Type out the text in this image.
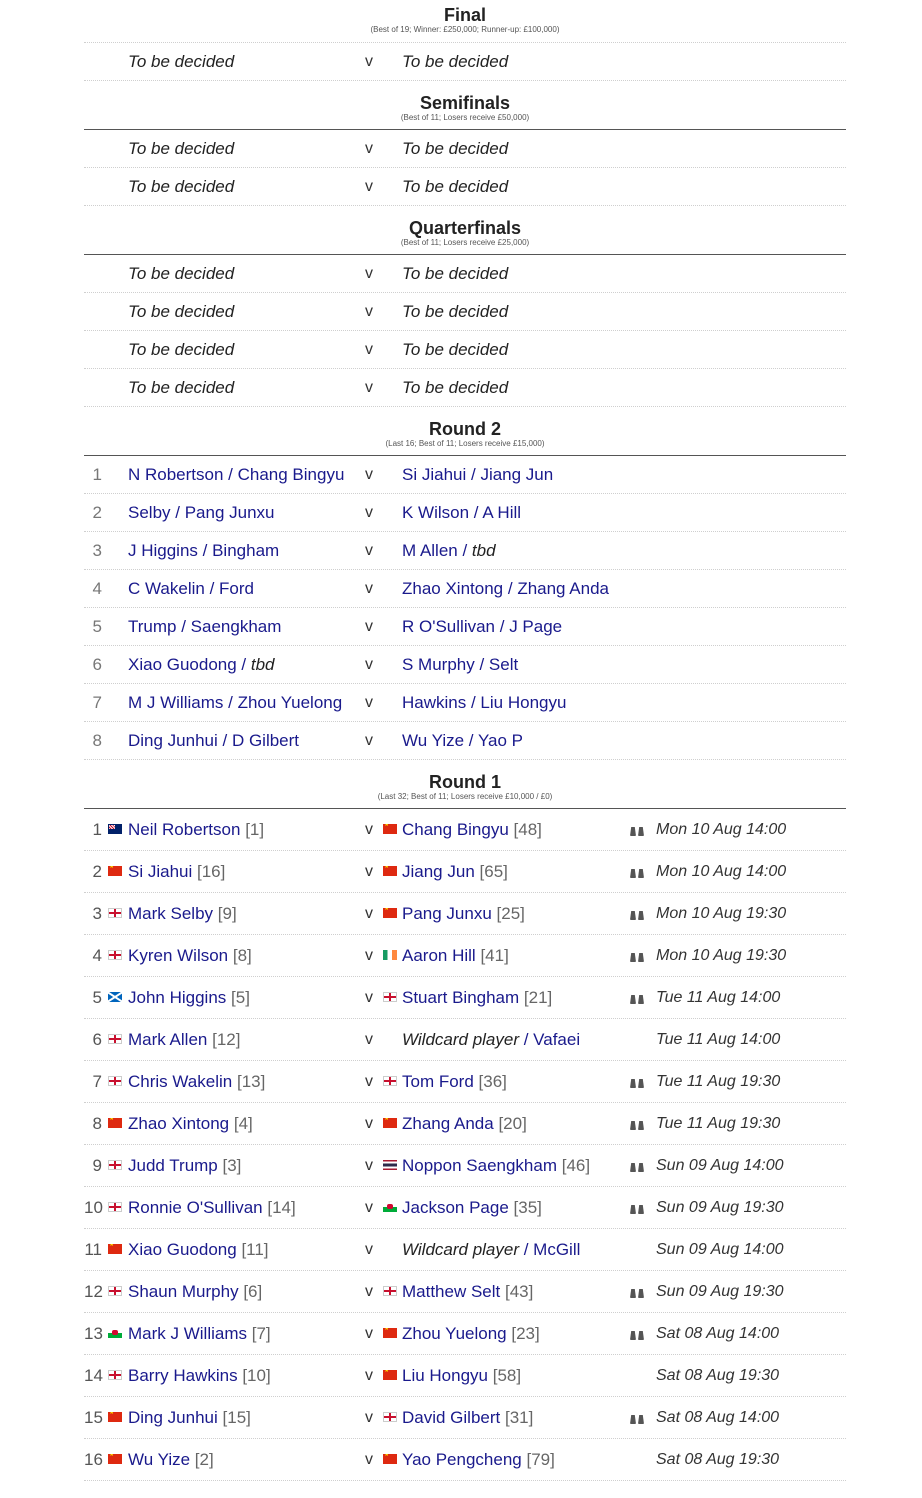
Final
(Best of 19; Winner: £250,000; Runner-up: £100,000)
To be decided	v To be decided
Semifinals
(Best of 11; Losers receive £50,000)
To be decided	v To be decided
To be decided	v To be decided
Quarterfinals
(Best of 11; Losers receive £25,000)
To be decided	v To be decided
To be decided	v To be decided
To be decided	v To be decided
To be decided	v To be decided
Round 2
(Last 16; Best of 11; Losers receive £15,000)
1 N Robertson / Chang Bingyu v Si Jiahui / Jiang Jun
2 Selby / Pang Junxu	v K Wilson / A Hill
3 J Higgins / Bingham	v M Allen / tbd
4 C Wakelin / Ford	v Zhao Xintong / Zhang Anda
5 Trump / Saengkham	v R O'Sullivan / J Page
6 Xiao Guodong / tbd	v S Murphy / Selt
7 M J Williams / Zhou Yuelong v Hawkins / Liu Hongyu
8 Ding Junhui / D Gilbert	v Wu Yize / Yao P
Round 1
(Last 32; Best of 11; Losers receive £10,000 / £0)
1 Neil Robertson [1]	v ★ Chang Bingyu [48]	Mon 10 Aug 14:00
2 ★ Si Jiahui [16]	v ★ Jiang Jun [65]	Mon 10 Aug 14:00
3 Mark Selby [9]	v ★ Pang Junxu [25]	Mon 10 Aug 19:30
4 Kyren Wilson [8]	v Aaron Hill [41]	Mon 10 Aug 19:30
5 John Higgins [5]	v Stuart Bingham [21]	Tue 11 Aug 14:00
6 Mark Allen [12]	v Wildcard player / Vafaei	Tue 11 Aug 14:00
7 Chris Wakelin [13]	v Tom Ford [36]	Tue 11 Aug 19:30
8 ★ Zhao Xintong [4]	v ★ Zhang Anda [20]	Tue 11 Aug 19:30
9 Judd Trump [3]	v Noppon Saengkham [46]	Sun 09 Aug 14:00
10 Ronnie O'Sullivan [14]	v Jackson Page [35]	Sun 09 Aug 19:30
11 ★ Xiao Guodong [11]	v Wildcard player / McGill	Sun 09 Aug 14:00
12 Shaun Murphy [6]	v Matthew Selt [43]	Sun 09 Aug 19:30
13 Mark J Williams [7]	v ★ Zhou Yuelong [23]	Sat 08 Aug 14:00
14 Barry Hawkins [10]	v ★ Liu Hongyu [58]	Sat 08 Aug 19:30
15 ★ Ding Junhui [15]	v David Gilbert [31]	Sat 08 Aug 14:00
16 ★ Wu Yize [2]	v ★ Yao Pengcheng [79]	Sat 08 Aug 19:30
